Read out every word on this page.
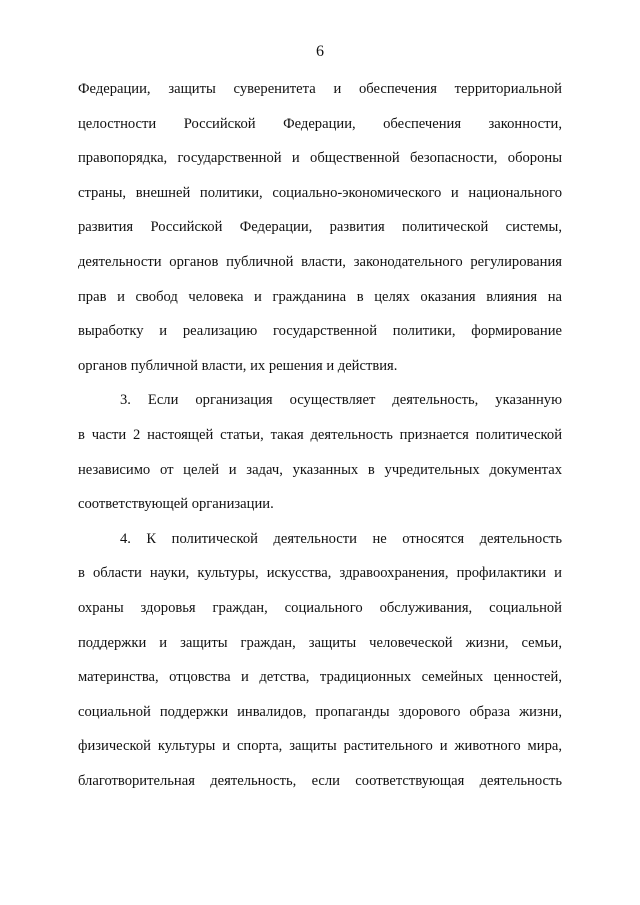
6
Федерации, защиты суверенитета и обеспечения территориальной
целостности Российской Федерации, обеспечения законности,
правопорядка, государственной и общественной безопасности, обороны
страны, внешней политики, социально-экономического и национального
развития Российской Федерации, развития политической системы,
деятельности органов публичной власти, законодательного регулирования
прав и свобод человека и гражданина в целях оказания влияния на
выработку и реализацию государственной политики, формирование
органов публичной власти, их решения и действия.
3. Если организация осуществляет деятельность, указанную
в части 2 настоящей статьи, такая деятельность признается политической
независимо от целей и задач, указанных в учредительных документах
соответствующей организации.
4. К политической деятельности не относятся деятельность
в области науки, культуры, искусства, здравоохранения, профилактики и
охраны здоровья граждан, социального обслуживания, социальной
поддержки и защиты граждан, защиты человеческой жизни, семьи,
материнства, отцовства и детства, традиционных семейных ценностей,
социальной поддержки инвалидов, пропаганды здорового образа жизни,
физической культуры и спорта, защиты растительного и животного мира,
благотворительная деятельность, если соответствующая деятельность
